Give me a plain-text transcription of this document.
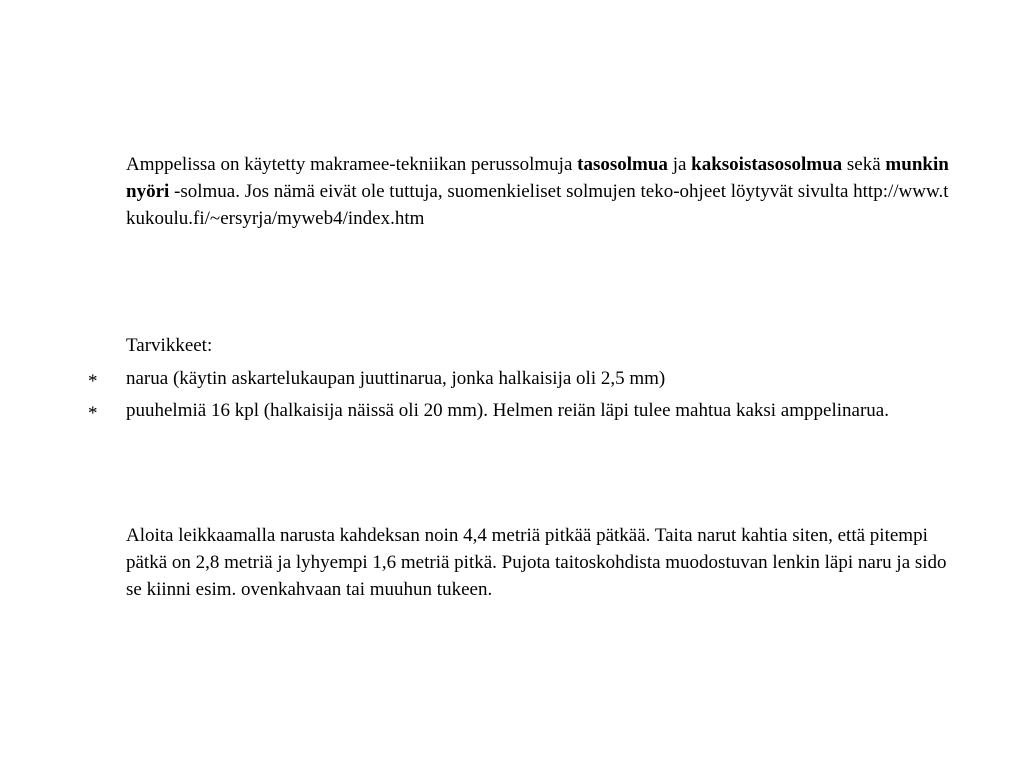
Amppelissa on käytetty makramee-tekniikan perussolmuja tasosolmua ja kaksoistasosolmua sekä munkin nyöri -solmua. Jos nämä eivät ole tuttuja, suomenkieliset solmujen teko-ohjeet löytyvät sivulta http://www.tkukoulu.fi/~ersyrja/myweb4/index.htm

Tarvikkeet:

* narua (käytin askartelukaupan juuttinarua, jonka halkaisija oli 2,5 mm)
* puuhelmiä 16 kpl (halkaisija näissä oli 20 mm). Helmen reiän läpi tulee mahtua kaksi amppelinarua.

Aloita leikkaamalla narusta kahdeksan noin 4,4 metriä pitkää pätkää. Taita narut kahtia siten, että pitempi pätkä on 2,8 metriä ja lyhyempi 1,6 metriä pitkä. Pujota taitoskohdista muodostuvan lenkin läpi naru ja sido se kiinni esim. ovenkahvaan tai muuhun tukeen.
